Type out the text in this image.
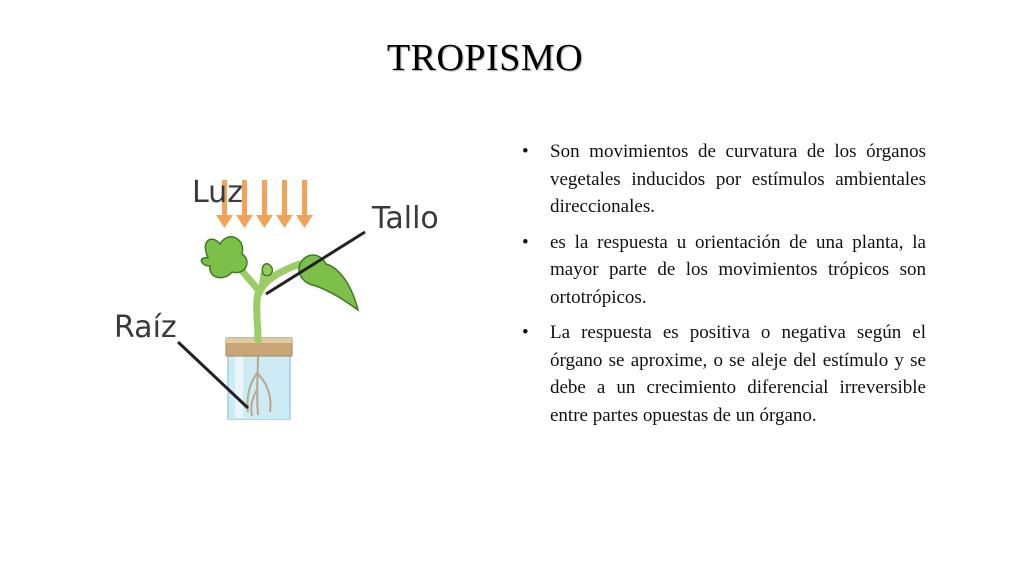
TROPISMO
Luz
Tallo
Raíz
• Son movimientos de curvatura de los órganos vegetales inducidos por estímulos ambientales direccionales.
• es la respuesta u orientación de una planta, la mayor parte de los movimientos trópicos son ortotrópicos.
• La respuesta es positiva o negativa según el órgano se aproxime, o se aleje del estímulo y se debe a un crecimiento diferencial irreversible entre partes opuestas de un órgano.
